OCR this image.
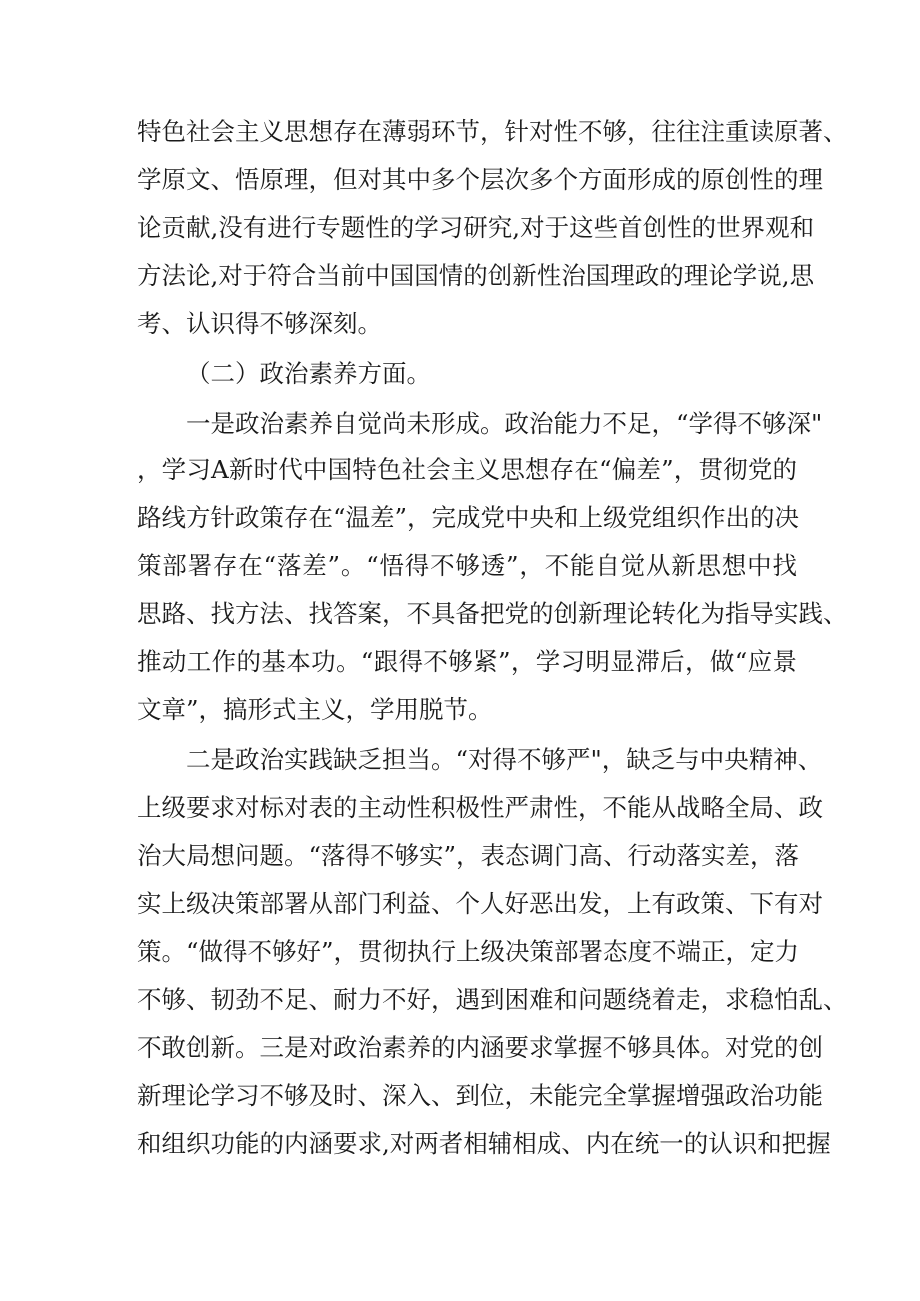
特色社会主义思想存在薄弱环节，针对性不够，往往注重读原著、
学原文、悟原理，但对其中多个层次多个方面形成的原创性的理
论贡献,没有进行专题性的学习研究,对于这些首创性的世界观和
方法论,对于符合当前中国国情的创新性治国理政的理论学说,思
考、认识得不够深刻。
（二）政治素养方面。
一是政治素养自觉尚未形成。政治能力不足，“学得不够深"
，学习A新时代中国特色社会主义思想存在“偏差”，贯彻党的
路线方针政策存在“温差”，完成党中央和上级党组织作出的决
策部署存在“落差”。“悟得不够透”，不能自觉从新思想中找
思路、找方法、找答案，不具备把党的创新理论转化为指导实践、
推动工作的基本功。“跟得不够紧”，学习明显滞后，做“应景
文章”，搞形式主义，学用脱节。
二是政治实践缺乏担当。“对得不够严"，缺乏与中央精神、
上级要求对标对表的主动性积极性严肃性，不能从战略全局、政
治大局想问题。“落得不够实”，表态调门高、行动落实差，落
实上级决策部署从部门利益、个人好恶出发，上有政策、下有对
策。“做得不够好”，贯彻执行上级决策部署态度不端正，定力
不够、韧劲不足、耐力不好，遇到困难和问题绕着走，求稳怕乱、
不敢创新。三是对政治素养的内涵要求掌握不够具体。对党的创
新理论学习不够及时、深入、到位，未能完全掌握增强政治功能
和组织功能的内涵要求,对两者相辅相成、内在统一的认识和把握
